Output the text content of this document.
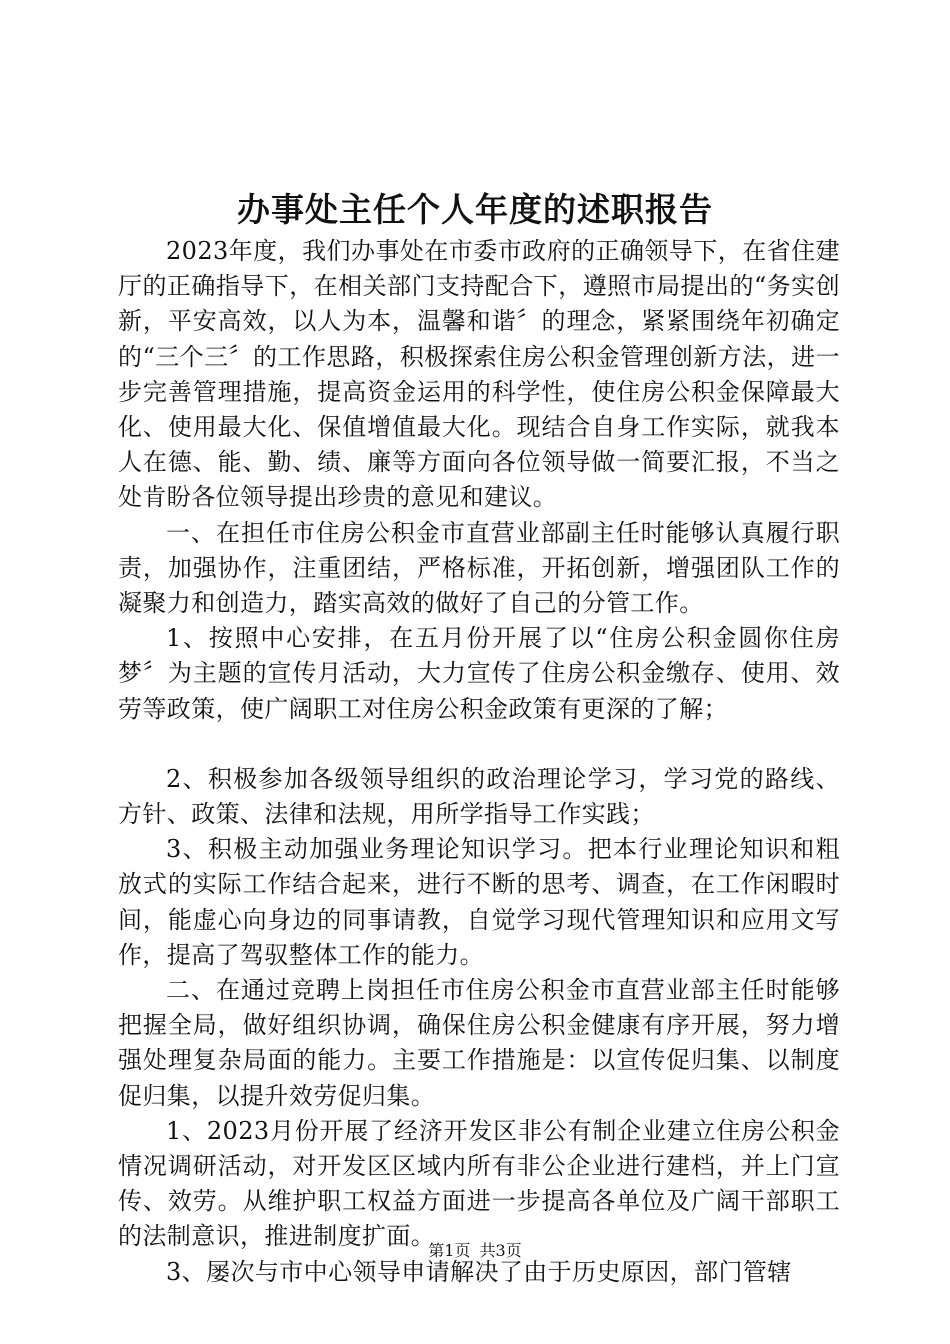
办事处主任个人年度的述职报告

2023年度，我们办事处在市委市政府的正确领导下，在省住建厅的正确指导下，在相关部门支持配合下，遵照市局提出的“务实创新，平安高效，以人为本，温馨和谐〞的理念，紧紧围绕年初确定的“三个三〞的工作思路，积极探索住房公积金管理创新方法，进一步完善管理措施，提高资金运用的科学性，使住房公积金保障最大化、使用最大化、保值增值最大化。现结合自身工作实际，就我本人在德、能、勤、绩、廉等方面向各位领导做一简要汇报，不当之处肯盼各位领导提出珍贵的意见和建议。

一、在担任市住房公积金市直营业部副主任时能够认真履行职责，加强协作，注重团结，严格标准，开拓创新，增强团队工作的凝聚力和创造力，踏实高效的做好了自己的分管工作。

1、按照中心安排，在五月份开展了以“住房公积金圆你住房梦〞为主题的宣传月活动，大力宣传了住房公积金缴存、使用、效劳等政策，使广阔职工对住房公积金政策有更深的了解；

2、积极参加各级领导组织的政治理论学习，学习党的路线、方针、政策、法律和法规，用所学指导工作实践；

3、积极主动加强业务理论知识学习。把本行业理论知识和粗放式的实际工作结合起来，进行不断的思考、调查，在工作闲暇时间，能虚心向身边的同事请教，自觉学习现代管理知识和应用文写作，提高了驾驭整体工作的能力。

二、在通过竞聘上岗担任市住房公积金市直营业部主任时能够把握全局，做好组织协调，确保住房公积金健康有序开展，努力增强处理复杂局面的能力。主要工作措施是：以宣传促归集、以制度促归集，以提升效劳促归集。

1、2023月份开展了经济开发区非公有制企业建立住房公积金情况调研活动，对开发区区域内所有非公企业进行建档，并上门宣传、效劳。从维护职工权益方面进一步提高各单位及广阔干部职工的法制意识，推进制度扩面。

3、屡次与市中心领导申请解决了由于历史原因，部门管辖

第1页 共3页
